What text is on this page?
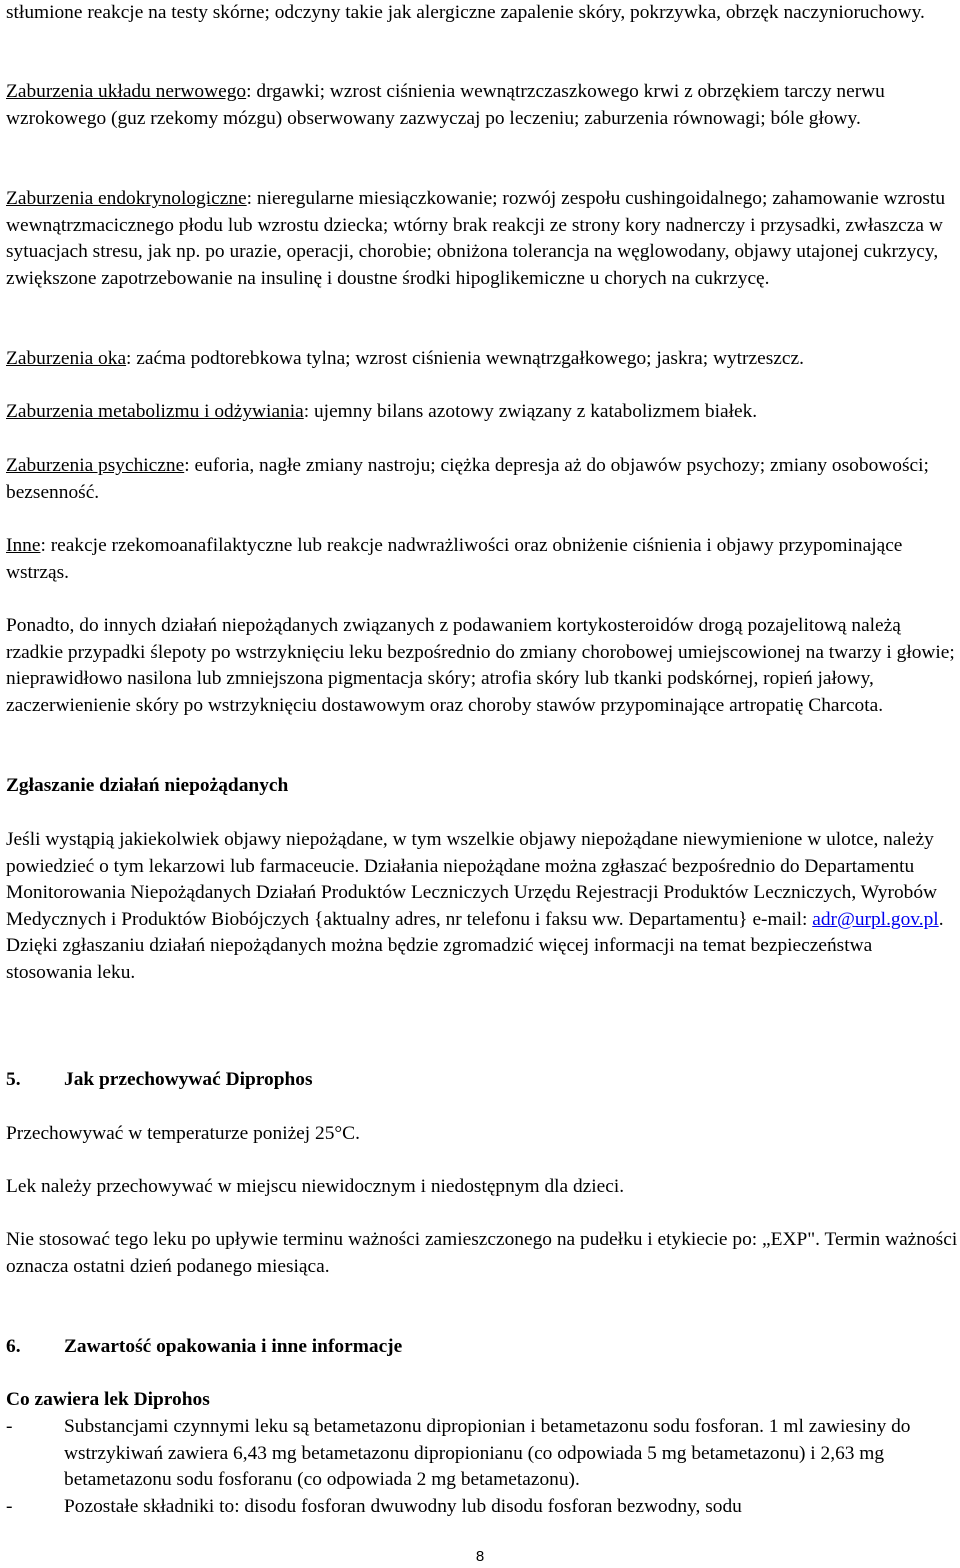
stłumione reakcje na testy skórne; odczyny takie jak alergiczne zapalenie skóry, pokrzywka, obrzęk naczynioruchowy.

Zaburzenia układu nerwowego: drgawki; wzrost ciśnienia wewnątrzczaszkowego krwi z obrzękiem tarczy nerwu wzrokowego (guz rzekomy mózgu) obserwowany zazwyczaj po leczeniu; zaburzenia równowagi; bóle głowy.

Zaburzenia endokrynologiczne: nieregularne miesiączkowanie; rozwój zespołu cushingoidalnego; zahamowanie wzrostu wewnątrzmacicznego płodu lub wzrostu dziecka; wtórny brak reakcji ze strony kory nadnerczy i przysadki, zwłaszcza w sytuacjach stresu, jak np. po urazie, operacji, chorobie; obniżona tolerancja na węglowodany, objawy utajonej cukrzycy, zwiększone zapotrzebowanie na insulinę i doustne środki hipoglikemiczne u chorych na cukrzycę.

Zaburzenia oka: zaćma podtorebkowa tylna; wzrost ciśnienia wewnątrzgałkowego; jaskra; wytrzeszcz.

Zaburzenia metabolizmu i odżywiania: ujemny bilans azotowy związany z katabolizmem białek.

Zaburzenia psychiczne: euforia, nagłe zmiany nastroju; ciężka depresja aż do objawów psychozy; zmiany osobowości; bezsenność.

Inne: reakcje rzekomoanafilaktyczne lub reakcje nadwrażliwości oraz obniżenie ciśnienia i objawy przypominające wstrząs.

Ponadto, do innych działań niepożądanych związanych z podawaniem kortykosteroidów drogą pozajelitową należą rzadkie przypadki ślepoty po wstrzyknięciu leku bezpośrednio do zmiany chorobowej umiejscowionej na twarzy i głowie; nieprawidłowo nasilona lub zmniejszona pigmentacja skóry; atrofia skóry lub tkanki podskórnej, ropień jałowy, zaczerwienienie skóry po wstrzyknięciu dostawowym oraz choroby stawów przypominające artropatię Charcota.

Zgłaszanie działań niepożądanych

Jeśli wystąpią jakiekolwiek objawy niepożądane, w tym wszelkie objawy niepożądane niewymienione w ulotce, należy powiedzieć o tym lekarzowi lub farmaceucie. Działania niepożądane można zgłaszać bezpośrednio do Departamentu Monitorowania Niepożądanych Działań Produktów Leczniczych Urzędu Rejestracji Produktów Leczniczych, Wyrobów Medycznych i Produktów Biobójczych {aktualny adres, nr telefonu i faksu ww. Departamentu} e-mail: adr@urpl.gov.pl. Dzięki zgłaszaniu działań niepożądanych można będzie zgromadzić więcej informacji na temat bezpieczeństwa stosowania leku.

5. Jak przechowywać Diprophos

Przechowywać w temperaturze poniżej 25°C.

Lek należy przechowywać w miejscu niewidocznym i niedostępnym dla dzieci.

Nie stosować tego leku po upływie terminu ważności zamieszczonego na pudełku i etykiecie po: „EXP". Termin ważności oznacza ostatni dzień podanego miesiąca.

6. Zawartość opakowania i inne informacje

Co zawiera lek Diprohos

-	Substancjami czynnymi leku są betametazonu dipropionian i betametazonu sodu fosforan. 1 ml zawiesiny do wstrzykiwań zawiera 6,43 mg betametazonu dipropionianu (co odpowiada 5 mg betametazonu) i 2,63 mg betametazonu sodu fosforanu (co odpowiada 2 mg betametazonu).
-	Pozostałe składniki to: disodu fosforan dwuwodny lub disodu fosforan bezwodny, sodu
8
